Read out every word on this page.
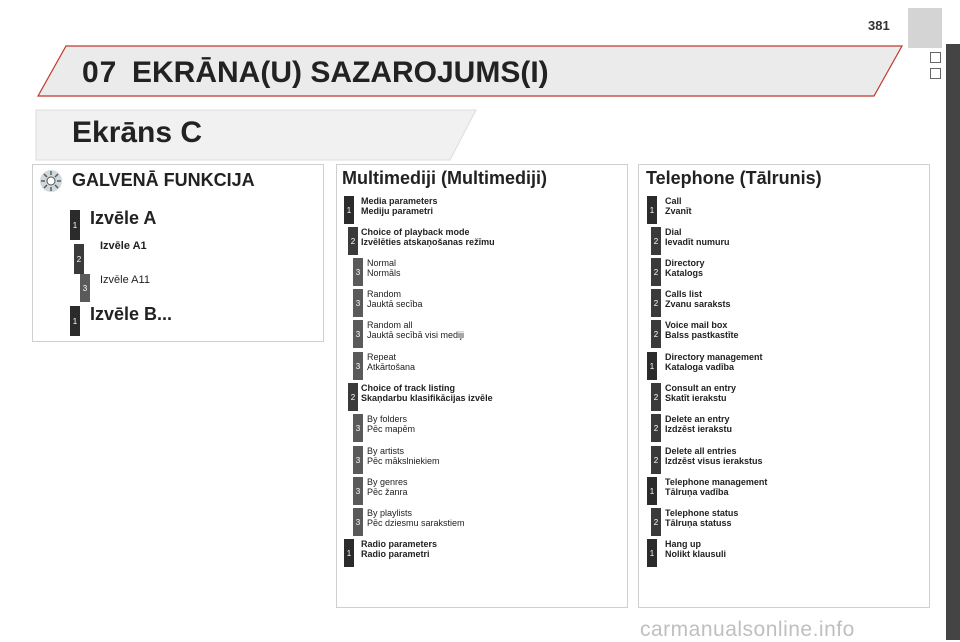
381
07 EKRĀNA(U) SAZAROJUMS(I)
Ekrāns C
GALVENĀ FUNKCIJA
1 Izvēle A
2
Izvēle A1
3
Izvēle A11
1 Izvēle B...
Multimediji (Multimediji)
1
Media parameters
Mediju parametri
2
Choice of playback mode
Izvēlēties atskaņošanas režīmu
3
Normal
Normāls
3
Random
Jauktā secība
3
Random all
Jauktā secībā visi mediji
3
Repeat
Atkārtošana
2
Choice of track listing
Skaņdarbu klasifikācijas izvēle
3
By folders
Pēc mapēm
3
By artists
Pēc mākslniekiem
3
By genres
Pēc žanra
3
By playlists
Pēc dziesmu sarakstiem
1
Radio parameters
Radio parametri
Telephone (Tālrunis)
1
Call
Zvanīt
2
Dial
Ievadīt numuru
2
Directory
Katalogs
2
Calls list
Zvanu saraksts
2
Voice mail box
Balss pastkastīte
1
Directory management
Kataloga vadība
2
Consult an entry
Skatīt ierakstu
2
Delete an entry
Izdzēst ierakstu
2
Delete all entries
Izdzēst visus ierakstus
1
Telephone management
Tālruņa vadība
2
Telephone status
Tālruņa statuss
1
Hang up
Nolikt klausuli
carmanualsonline.info
